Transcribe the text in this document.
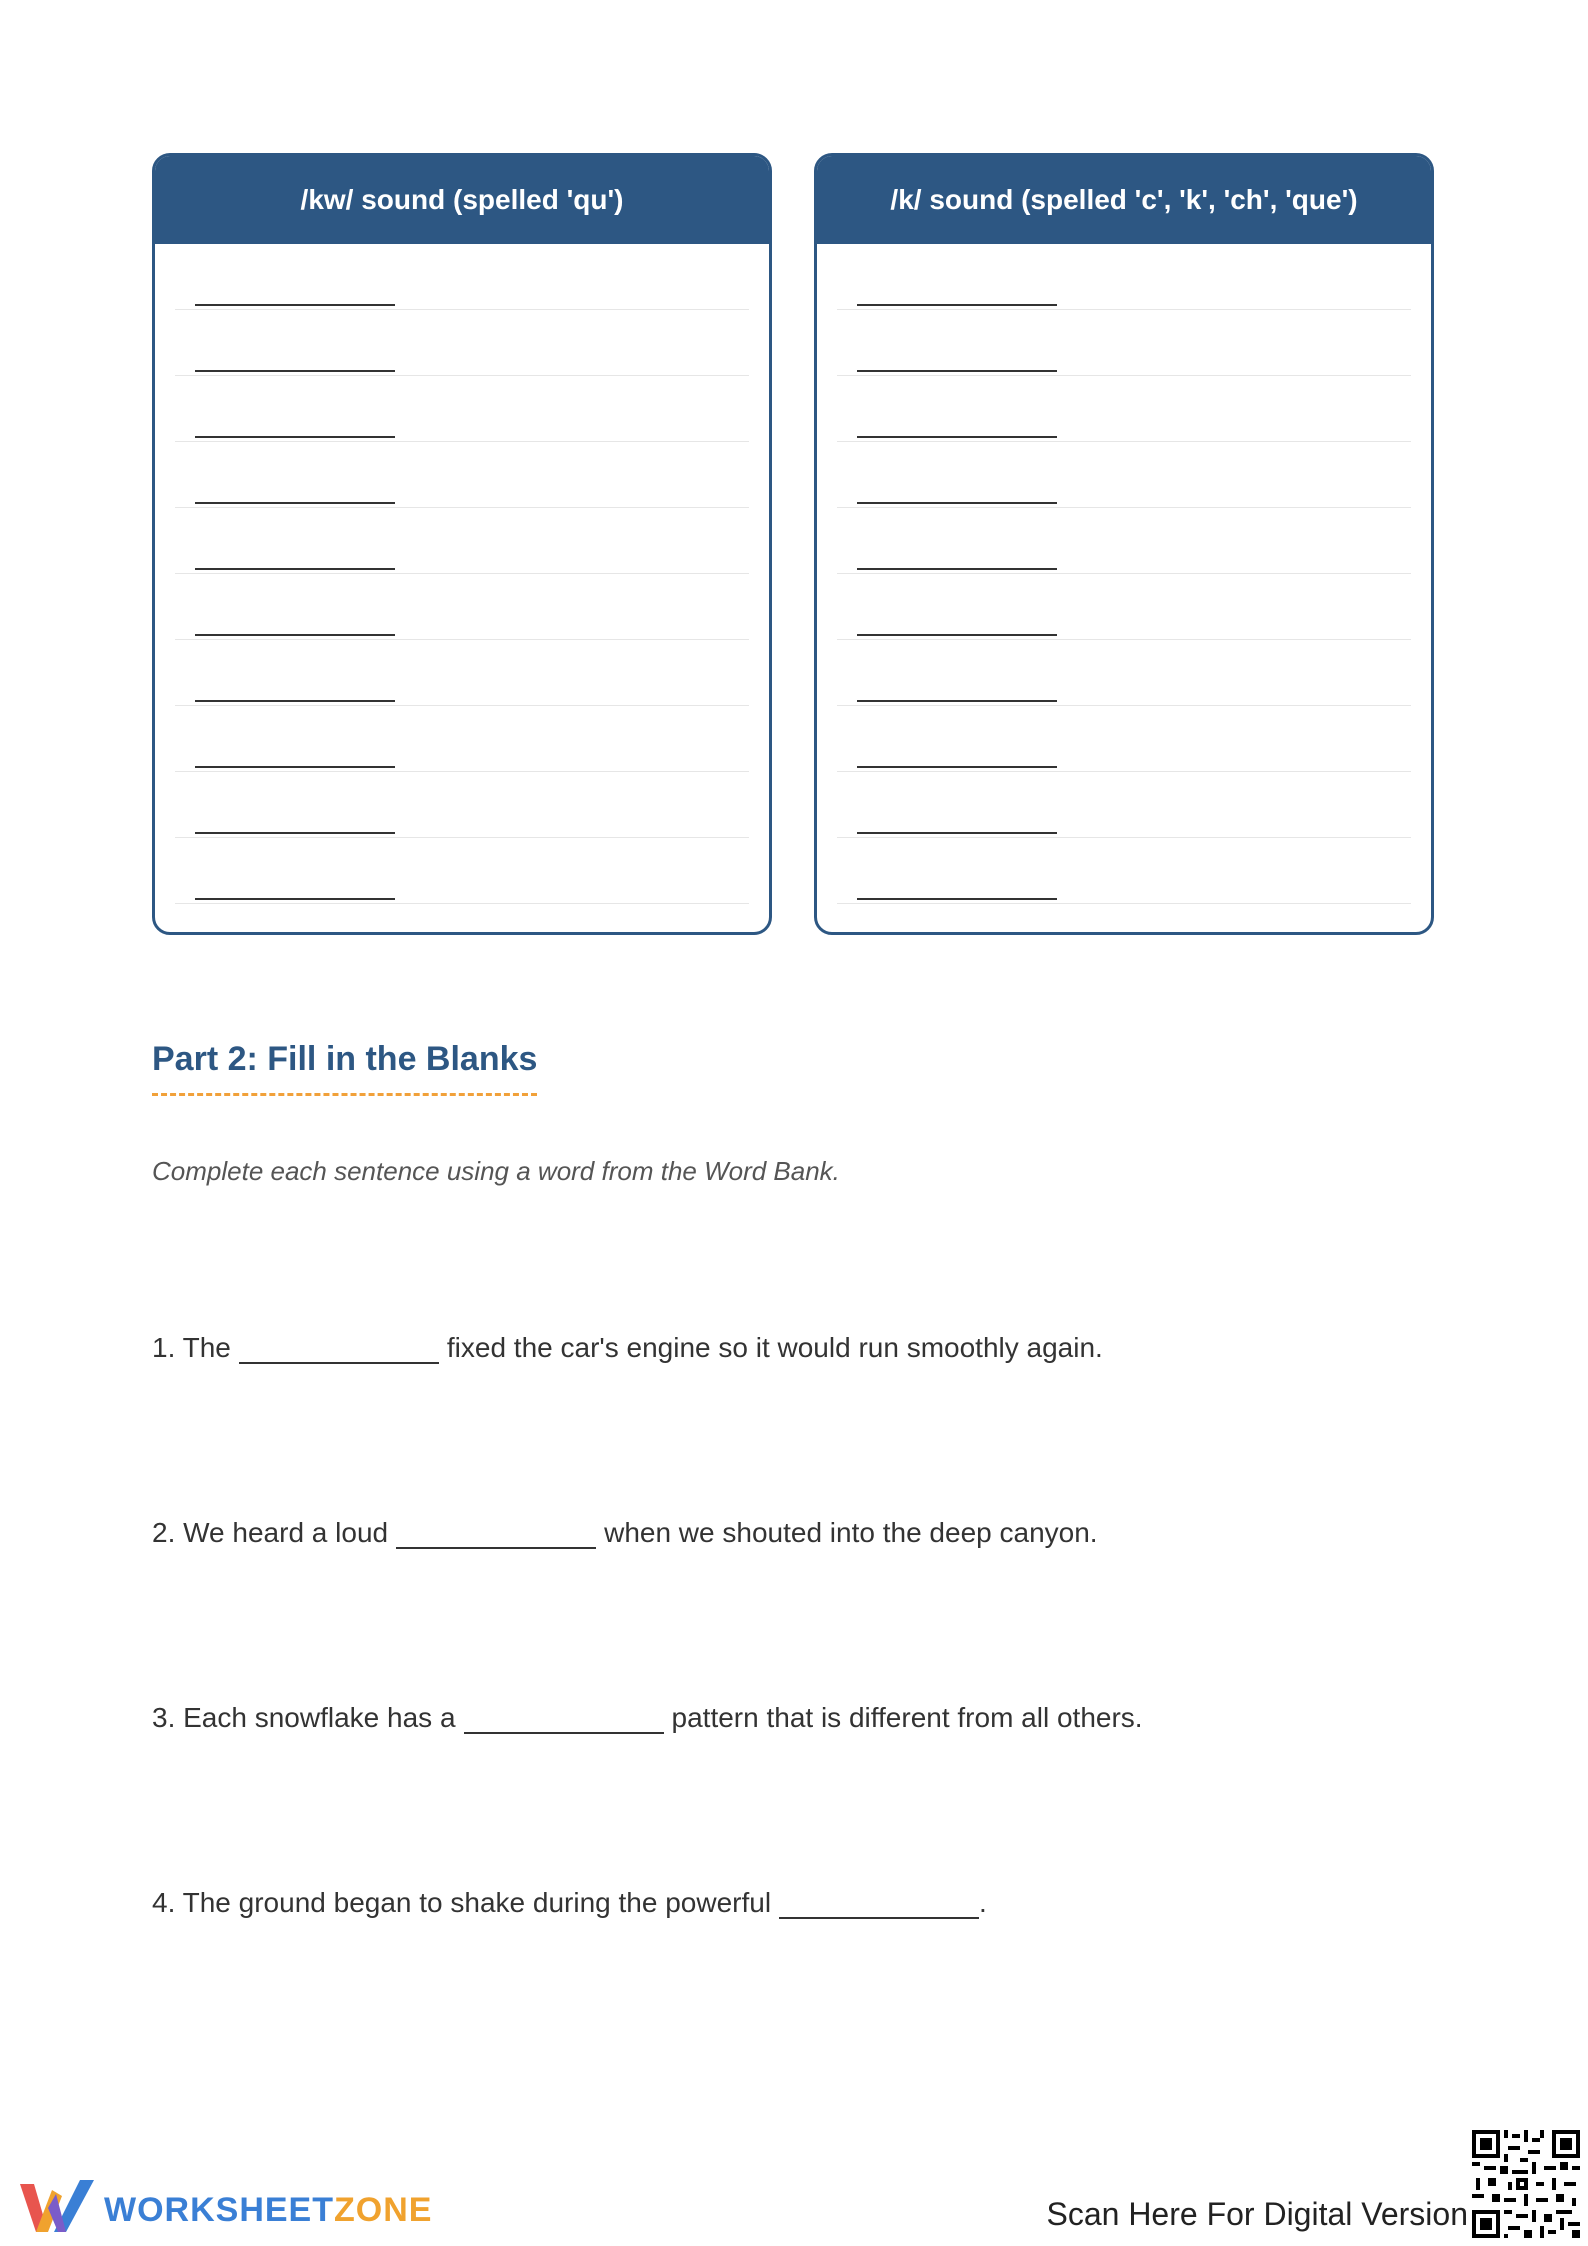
/kw/ sound (spelled 'qu')	/k/ sound (spelled 'c', 'k', 'ch', 'que')
Part 2: Fill in the Blanks
Complete each sentence using a word from the Word Bank.
1. The	fixed the car's engine so it would run smoothly again.
2. We heard a loud	when we shouted into the deep canyon.
3. Each snowflake has a	pattern that is different from all others.
4. The ground began to shake during the powerful	.
WORKSHEETZONE	Scan Here For Digital Version
